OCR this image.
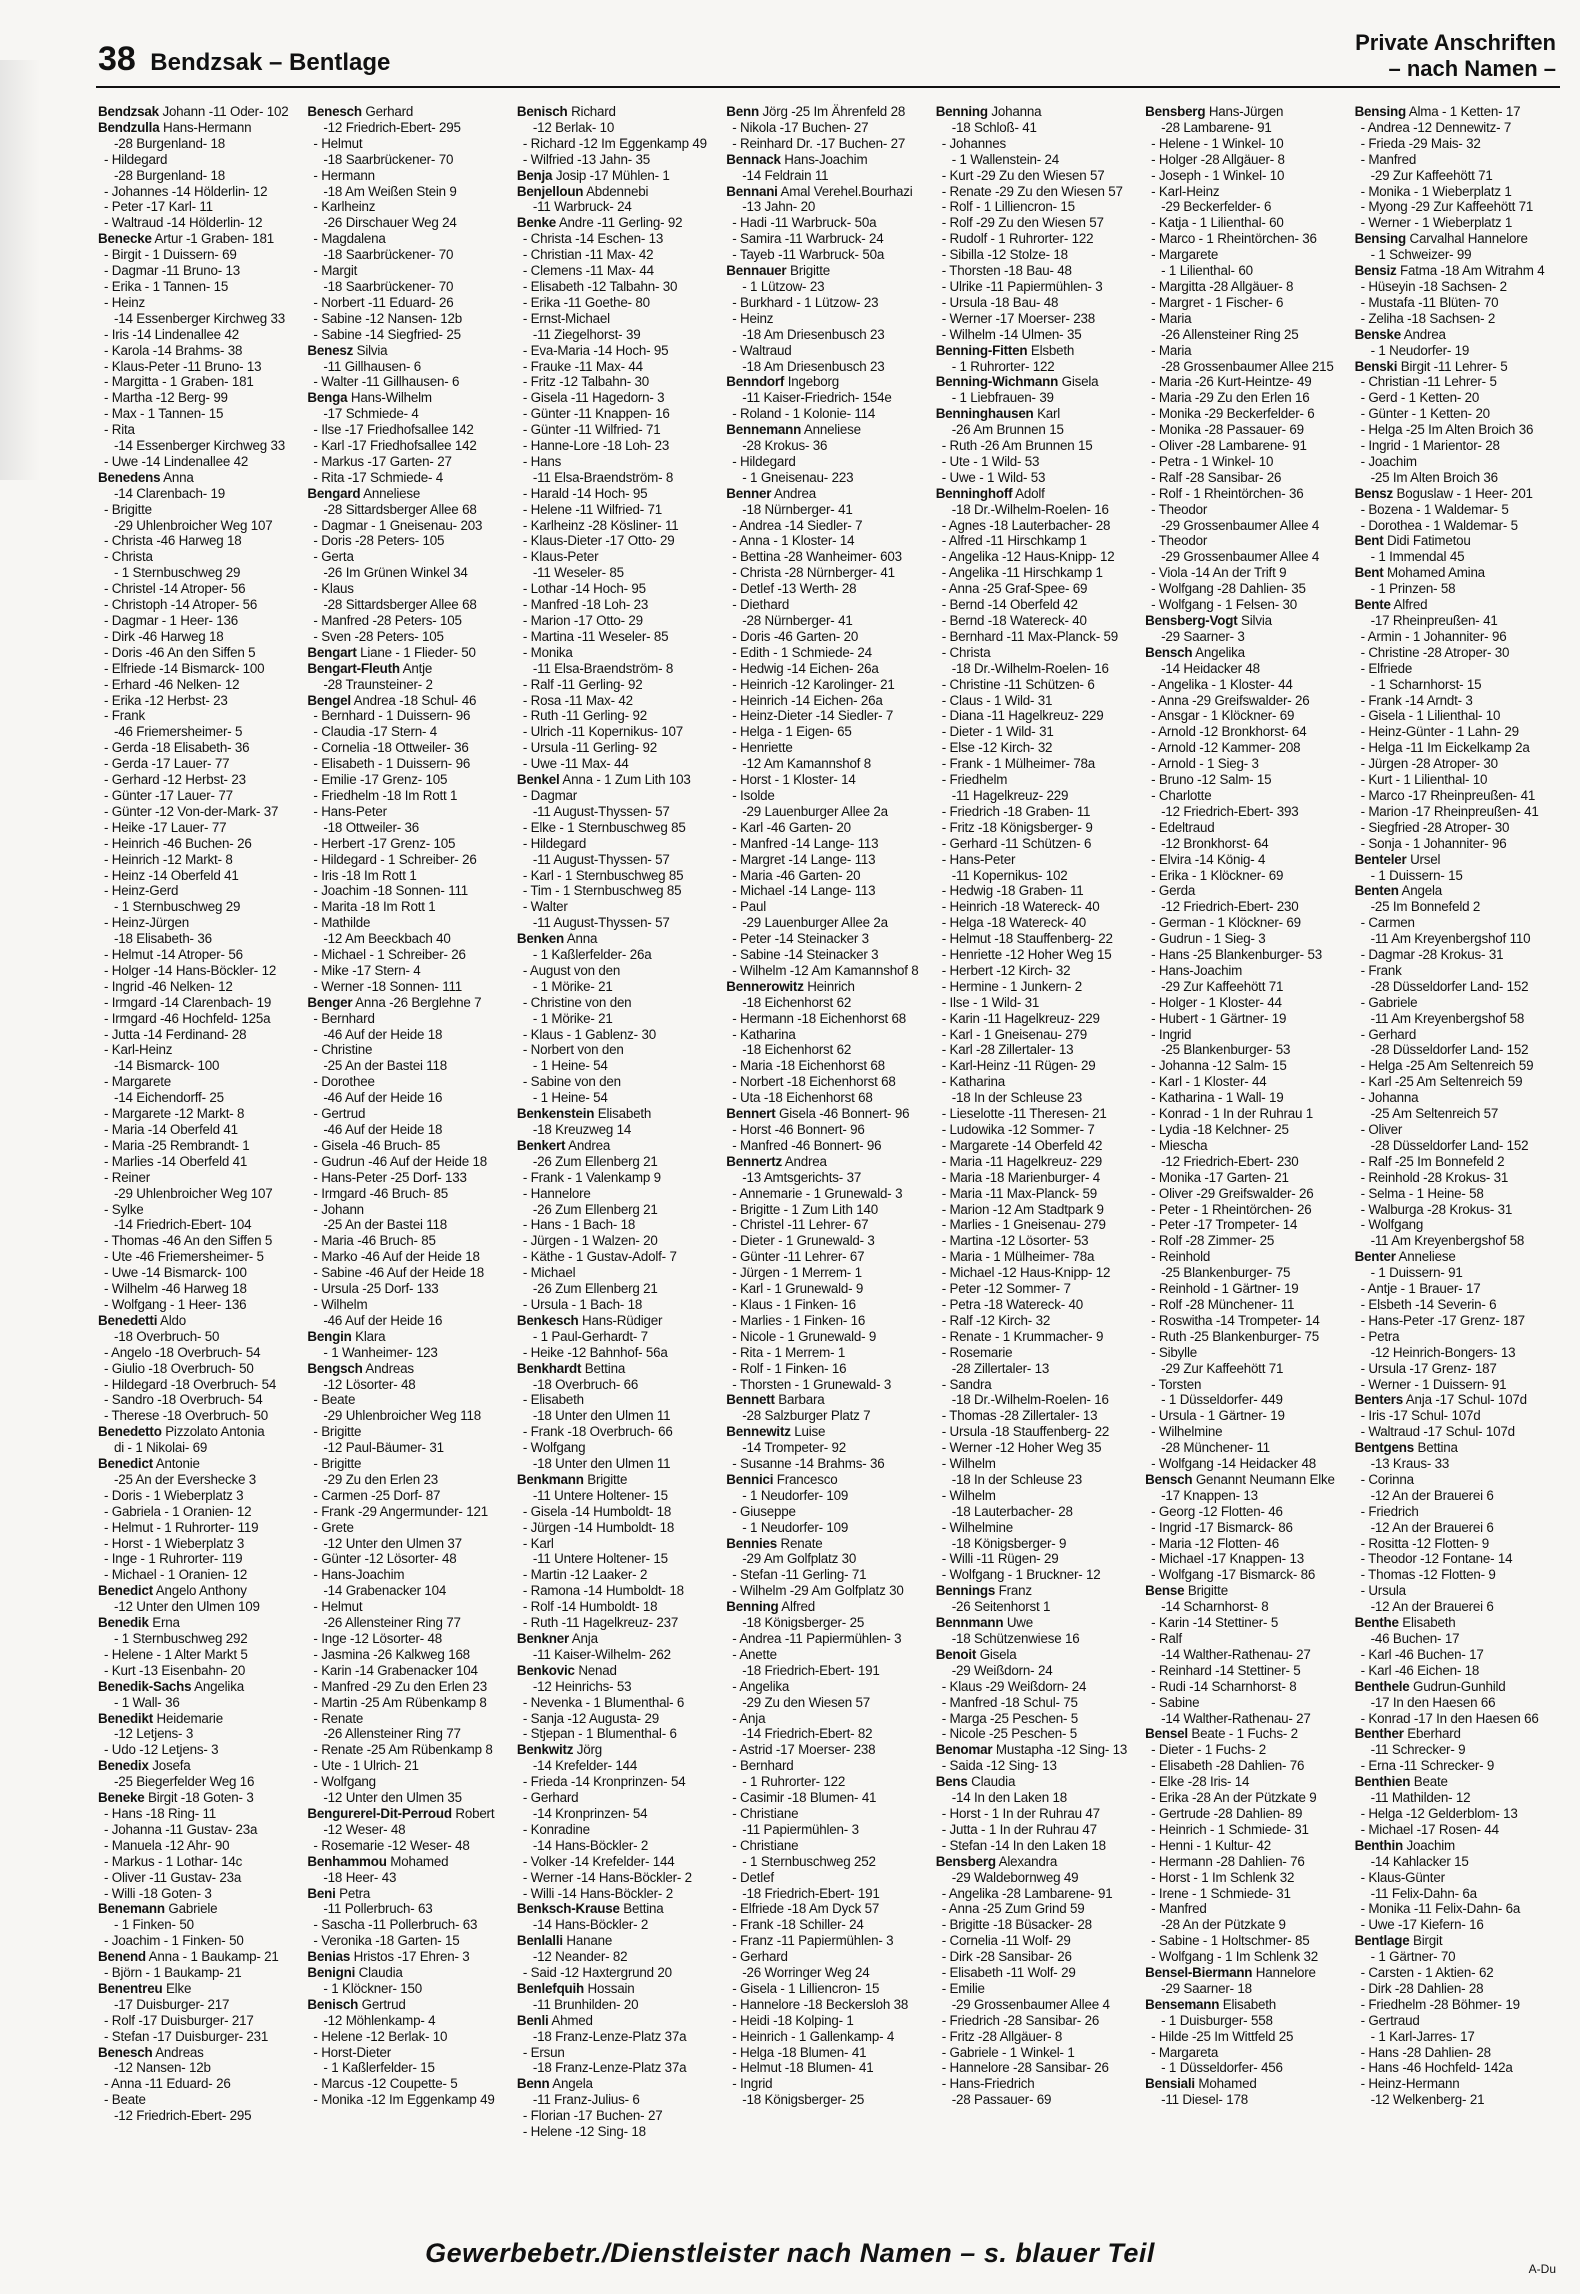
38 Bendzsak – Bentlage
Private Anschriften
– nach Namen –

Bendzsak Johann -11 Oder- 102

Bendzulla Hans-Hermann

-28 Burgenland- 18

- Hildegard

-28 Burgenland- 18

- Johannes -14 Hölderlin- 12

- Peter -17 Karl- 11

- Waltraud -14 Hölderlin- 12

Benecke Artur -1 Graben- 181

- Birgit - 1 Duissern- 69

- Dagmar -11 Bruno- 13

- Erika - 1 Tannen- 15

- Heinz

-14 Essenberger Kirchweg 33

- Iris -14 Lindenallee 42

- Karola -14 Brahms- 38

- Klaus-Peter -11 Bruno- 13

- Margitta - 1 Graben- 181

- Martha -12 Berg- 99

- Max - 1 Tannen- 15

- Rita

-14 Essenberger Kirchweg 33

- Uwe -14 Lindenallee 42

Benedens Anna

-14 Clarenbach- 19

- Brigitte

-29 Uhlenbroicher Weg 107

- Christa -46 Harweg 18

- Christa

- 1 Sternbuschweg 29

- Christel -14 Atroper- 56

- Christoph -14 Atroper- 56

- Dagmar - 1 Heer- 136

- Dirk -46 Harweg 18

- Doris -46 An den Siffen 5

- Elfriede -14 Bismarck- 100

- Erhard -46 Nelken- 12

- Erika -12 Herbst- 23

- Frank

-46 Friemersheimer- 5

- Gerda -18 Elisabeth- 36

- Gerda -17 Lauer- 77

- Gerhard -12 Herbst- 23

- Günter -17 Lauer- 77

- Günter -12 Von-der-Mark- 37

- Heike -17 Lauer- 77

- Heinrich -46 Buchen- 26

- Heinrich -12 Markt- 8

- Heinz -14 Oberfeld 41

- Heinz-Gerd

- 1 Sternbuschweg 29

- Heinz-Jürgen

-18 Elisabeth- 36

- Helmut -14 Atroper- 56

- Holger -14 Hans-Böckler- 12

- Ingrid -46 Nelken- 12

- Irmgard -14 Clarenbach- 19

- Irmgard -46 Hochfeld- 125a

- Jutta -14 Ferdinand- 28

- Karl-Heinz

-14 Bismarck- 100

- Margarete

-14 Eichendorff- 25

- Margarete -12 Markt- 8

- Maria -14 Oberfeld 41

- Maria -25 Rembrandt- 1

- Marlies -14 Oberfeld 41

- Reiner

-29 Uhlenbroicher Weg 107

- Sylke

-14 Friedrich-Ebert- 104

- Thomas -46 An den Siffen 5

- Ute -46 Friemersheimer- 5

- Uwe -14 Bismarck- 100

- Wilhelm -46 Harweg 18

- Wolfgang - 1 Heer- 136

Benedetti Aldo

-18 Overbruch- 50

- Angelo -18 Overbruch- 54

- Giulio -18 Overbruch- 50

- Hildegard -18 Overbruch- 54

- Sandro -18 Overbruch- 54

- Therese -18 Overbruch- 50

Benedetto Pizzolato Antonia

di - 1 Nikolai- 69

Benedict Antonie

-25 An der Eversheckе 3

- Doris - 1 Wieberplatz 3

- Gabriela - 1 Oranien- 12

- Helmut - 1 Ruhrorter- 119

- Horst - 1 Wieberplatz 3

- Inge - 1 Ruhrorter- 119

- Michael - 1 Oranien- 12

Benedict Angelo Anthony

-12 Unter den Ulmen 109

Benedik Erna

- 1 Sternbuschweg 292

- Helene - 1 Alter Markt 5

- Kurt -13 Eisenbahn- 20

Benedik-Sachs Angelika

- 1 Wall- 36

Benedikt Heidemarie

-12 Letjens- 3

- Udo -12 Letjens- 3

Benedix Josefa

-25 Biegerfelder Weg 16

Beneke Birgit -18 Goten- 3

- Hans -18 Ring- 11

- Johanna -11 Gustav- 23a

- Manuela -12 Ahr- 90

- Markus - 1 Lothar- 14c

- Oliver -11 Gustav- 23a

- Willi -18 Goten- 3

Benemann Gabriele

- 1 Finken- 50

- Joachim - 1 Finken- 50

Benend Anna - 1 Baukamp- 21

- Björn - 1 Baukamp- 21

Benentreu Elke

-17 Duisburger- 217

- Rolf -17 Duisburger- 217

- Stefan -17 Duisburger- 231

Benesch Andreas

-12 Nansen- 12b

- Anna -11 Eduard- 26

- Beate

-12 Friedrich-Ebert- 295

Benesch Gerhard

-12 Friedrich-Ebert- 295

- Helmut

-18 Saarbrückener- 70

- Hermann

-18 Am Weißen Stein 9

- Karlheinz

-26 Dirschauer Weg 24

- Magdalena

-18 Saarbrückener- 70

- Margit

-18 Saarbrückener- 70

- Norbert -11 Eduard- 26

- Sabine -12 Nansen- 12b

- Sabine -14 Siegfried- 25

Benesz Silvia

-11 Gillhausen- 6

- Walter -11 Gillhausen- 6

Benga Hans-Wilhelm

-17 Schmiede- 4

- Ilse -17 Friedhofsallee 142

- Karl -17 Friedhofsallee 142

- Markus -17 Garten- 27

- Rita -17 Schmiede- 4

Bengard Anneliese

-28 Sittardsberger Allee 68

- Dagmar - 1 Gneisenau- 203

- Doris -28 Peters- 105

- Gerta

-26 Im Grünen Winkel 34

- Klaus

-28 Sittardsberger Allee 68

- Manfred -28 Peters- 105

- Sven -28 Peters- 105

Bengart Liane - 1 Flieder- 50

Bengart-Fleuth Antje

-28 Traunsteiner- 2

Bengel Andrea -18 Schul- 46

- Bernhard - 1 Duissern- 96

- Claudia -17 Stern- 4

- Cornelia -18 Ottweiler- 36

- Elisabeth - 1 Duissern- 96

- Emilie -17 Grenz- 105

- Friedhelm -18 Im Rott 1

- Hans-Peter

-18 Ottweiler- 36

- Herbert -17 Grenz- 105

- Hildegard - 1 Schreiber- 26

- Iris -18 Im Rott 1

- Joachim -18 Sonnen- 111

- Marita -18 Im Rott 1

- Mathilde

-12 Am Beeckbach 40

- Michael - 1 Schreiber- 26

- Mike -17 Stern- 4

- Werner -18 Sonnen- 111

Benger Anna -26 Berglehne 7

- Bernhard

-46 Auf der Heide 18

- Christine

-25 An der Bastei 118

- Dorothee

-46 Auf der Heide 16

- Gertrud

-46 Auf der Heide 18

- Gisela -46 Bruch- 85

- Gudrun -46 Auf der Heide 18

- Hans-Peter -25 Dorf- 133

- Irmgard -46 Bruch- 85

- Johann

-25 An der Bastei 118

- Maria -46 Bruch- 85

- Marko -46 Auf der Heide 18

- Sabine -46 Auf der Heide 18

- Ursula -25 Dorf- 133

- Wilhelm

-46 Auf der Heide 16

Bengin Klara

- 1 Wanheimer- 123

Bengsch Andreas

-12 Lösorter- 48

- Beate

-29 Uhlenbroicher Weg 118

- Brigitte

-12 Paul-Bäumer- 31

- Brigitte

-29 Zu den Erlen 23

- Carmen -25 Dorf- 87

- Frank -29 Angermunder- 121

- Grete

-12 Unter den Ulmen 37

- Günter -12 Lösorter- 48

- Hans-Joachim

-14 Grabenacker 104

- Helmut

-26 Allensteiner Ring 77

- Inge -12 Lösorter- 48

- Jasmina -26 Kalkweg 168

- Karin -14 Grabenacker 104

- Manfred -29 Zu den Erlen 23

- Martin -25 Am Rübenkamp 8

- Renate

-26 Allensteiner Ring 77

- Renate -25 Am Rübenkamp 8

- Ute - 1 Ulrich- 21

- Wolfgang

-12 Unter den Ulmen 35

Bengurerel-Dit-Perroud Robert

-12 Weser- 48

- Rosemarie -12 Weser- 48

Benhammou Mohamed

-18 Heer- 43

Beni Petra

-11 Pollerbruch- 63

- Sascha -11 Pollerbruch- 63

- Veronika -18 Garten- 15

Benias Hristos -17 Ehren- 3

Benigni Claudia

- 1 Klöckner- 150

Benisch Gertrud

-12 Möhlenkamp- 4

- Helene -12 Berlak- 10

- Horst-Dieter

- 1 Kaßlerfelder- 15

- Marcus -12 Coupette- 5

- Monika -12 Im Eggenkamp 49

Benisch Richard

-12 Berlak- 10

- Richard -12 Im Eggenkamp 49

- Wilfried -13 Jahn- 35

Benja Josip -17 Mühlen- 1

Benjelloun Abdennebi

-11 Warbruck- 24

Benke Andre -11 Gerling- 92

- Christa -14 Eschen- 13

- Christian -11 Max- 42

- Clemens -11 Max- 44

- Elisabeth -12 Talbahn- 30

- Erika -11 Goethe- 80

- Ernst-Michael

-11 Ziegelhorst- 39

- Eva-Maria -14 Hoch- 95

- Frauke -11 Max- 44

- Fritz -12 Talbahn- 30

- Gisela -11 Hagedorn- 3

- Günter -11 Knappen- 16

- Günter -11 Wilfried- 71

- Hanne-Lore -18 Loh- 23

- Hans

-11 Elsa-Braendström- 8

- Harald -14 Hoch- 95

- Helene -11 Wilfried- 71

- Karlheinz -28 Kösliner- 11

- Klaus-Dieter -17 Otto- 29

- Klaus-Peter

-11 Weseler- 85

- Lothar -14 Hoch- 95

- Manfred -18 Loh- 23

- Marion -17 Otto- 29

- Martina -11 Weseler- 85

- Monika

-11 Elsa-Braendström- 8

- Ralf -11 Gerling- 92

- Rosa -11 Max- 42

- Ruth -11 Gerling- 92

- Ulrich -11 Kopernikus- 107

- Ursula -11 Gerling- 92

- Uwe -11 Max- 44

Benkel Anna - 1 Zum Lith 103

- Dagmar

-11 August-Thyssen- 57

- Elke - 1 Sternbuschweg 85

- Hildegard

-11 August-Thyssen- 57

- Karl - 1 Sternbuschweg 85

- Tim - 1 Sternbuschweg 85

- Walter

-11 August-Thyssen- 57

Benken Anna

- 1 Kaßlerfelder- 26a

- August von den

- 1 Mörike- 21

- Christine von den

- 1 Mörike- 21

- Klaus - 1 Gablenz- 30

- Norbert von den

- 1 Heine- 54

- Sabine von den

- 1 Heine- 54

Benkenstein Elisabeth

-18 Kreuzweg 14

Benkert Andrea

-26 Zum Ellenberg 21

- Frank - 1 Valenkamp 9

- Hannelore

-26 Zum Ellenberg 21

- Hans - 1 Bach- 18

- Jürgen - 1 Walzen- 20

- Käthe - 1 Gustav-Adolf- 7

- Michael

-26 Zum Ellenberg 21

- Ursula - 1 Bach- 18

Benkesch Hans-Rüdiger

- 1 Paul-Gerhardt- 7

- Heike -12 Bahnhof- 56a

Benkhardt Bettina

-18 Overbruch- 66

- Elisabeth

-18 Unter den Ulmen 11

- Frank -18 Overbruch- 66

- Wolfgang

-18 Unter den Ulmen 11

Benkmann Brigitte

-11 Untere Holtener- 15

- Gisela -14 Humboldt- 18

- Jürgen -14 Humboldt- 18

- Karl

-11 Untere Holtener- 15

- Martin -12 Laaker- 2

- Ramona -14 Humboldt- 18

- Rolf -14 Humboldt- 18

- Ruth -11 Hagelkreuz- 237

Benkner Anja

-11 Kaiser-Wilhelm- 262

Benkovic Nenad

-12 Heinrichs- 53

- Nevenka - 1 Blumenthal- 6

- Sanja -12 Augusta- 29

- Stjepan - 1 Blumenthal- 6

Benkwitz Jörg

-14 Krefelder- 144

- Frieda -14 Kronprinzen- 54

- Gerhard

-14 Kronprinzen- 54

- Konradine

-14 Hans-Böckler- 2

- Volker -14 Krefelder- 144

- Werner -14 Hans-Böckler- 2

- Willi -14 Hans-Böckler- 2

Benksch-Krause Bettina

-14 Hans-Böckler- 2

Benlalli Hanane

-12 Neander- 82

- Said -12 Haxtergrund 20

Benlefquih Hossain

-11 Brunhilden- 20

Benli Ahmed

-18 Franz-Lenze-Platz 37a

- Ersun

-18 Franz-Lenze-Platz 37a

Benn Angela

-11 Franz-Julius- 6

- Florian -17 Buchen- 27

- Helene -12 Sing- 18

Benn Jörg -25 Im Ährenfeld 28

- Nikola -17 Buchen- 27

- Reinhard Dr. -17 Buchen- 27

Bennack Hans-Joachim

-14 Feldrain 11

Bennani Amal Verehel.Bourhazi

-13 Jahn- 20

- Hadi -11 Warbruck- 50a

- Samira -11 Warbruck- 24

- Tayeb -11 Warbruck- 50a

Bennauer Brigitte

- 1 Lützow- 23

- Burkhard - 1 Lützow- 23

- Heinz

-18 Am Driesenbusch 23

- Waltraud

-18 Am Driesenbusch 23

Benndorf Ingeborg

-11 Kaiser-Friedrich- 154e

- Roland - 1 Kolonie- 114

Bennemann Anneliese

-28 Krokus- 36

- Hildegard

- 1 Gneisenau- 223

Benner Andrea

-18 Nürnberger- 41

- Andrea -14 Siedler- 7

- Anna - 1 Kloster- 14

- Bettina -28 Wanheimer- 603

- Christa -28 Nürnberger- 41

- Detlef -13 Werth- 28

- Diethard

-28 Nürnberger- 41

- Doris -46 Garten- 20

- Edith - 1 Schmiede- 24

- Hedwig -14 Eichen- 26a

- Heinrich -12 Karolinger- 21

- Heinrich -14 Eichen- 26a

- Heinz-Dieter -14 Siedler- 7

- Helga - 1 Eigen- 65

- Henriette

-12 Am Kamannshof 8

- Horst - 1 Kloster- 14

- Isolde

-29 Lauenburger Allee 2a

- Karl -46 Garten- 20

- Manfred -14 Lange- 113

- Margret -14 Lange- 113

- Maria -46 Garten- 20

- Michael -14 Lange- 113

- Paul

-29 Lauenburger Allee 2a

- Peter -14 Steinacker 3

- Sabine -14 Steinacker 3

- Wilhelm -12 Am Kamannshof 8

Bennerowitz Heinrich

-18 Eichenhorst 62

- Hermann -18 Eichenhorst 68

- Katharina

-18 Eichenhorst 62

- Maria -18 Eichenhorst 68

- Norbert -18 Eichenhorst 68

- Uta -18 Eichenhorst 68

Bennert Gisela -46 Bonnert- 96

- Horst -46 Bonnert- 96

- Manfred -46 Bonnert- 96

Bennertz Andrea

-13 Amtsgerichts- 37

- Annemarie - 1 Grunewald- 3

- Brigitte - 1 Zum Lith 140

- Christel -11 Lehrer- 67

- Dieter - 1 Grunewald- 3

- Günter -11 Lehrer- 67

- Jürgen - 1 Merrem- 1

- Karl - 1 Grunewald- 9

- Klaus - 1 Finken- 16

- Marlies - 1 Finken- 16

- Nicole - 1 Grunewald- 9

- Rita - 1 Merrem- 1

- Rolf - 1 Finken- 16

- Thorsten - 1 Grunewald- 3

Bennett Barbara

-28 Salzburger Platz 7

Bennewitz Luise

-14 Trompeter- 92

- Susanne -14 Brahms- 36

Bennici Francesco

- 1 Neudorfer- 109

- Giuseppe

- 1 Neudorfer- 109

Bennies Renate

-29 Am Golfplatz 30

- Stefan -11 Gerling- 71

- Wilhelm -29 Am Golfplatz 30

Benning Alfred

-18 Königsberger- 25

- Andrea -11 Papiermühlen- 3

- Anette

-18 Friedrich-Ebert- 191

- Angelika

-29 Zu den Wiesen 57

- Anja

-14 Friedrich-Ebert- 82

- Astrid -17 Moerser- 238

- Bernhard

- 1 Ruhrorter- 122

- Casimir -18 Blumen- 41

- Christiane

-11 Papiermühlen- 3

- Christiane

- 1 Sternbuschweg 252

- Detlef

-18 Friedrich-Ebert- 191

- Elfriede -18 Am Dyck 57

- Frank -18 Schiller- 24

- Franz -11 Papiermühlen- 3

- Gerhard

-26 Worringer Weg 24

- Gisela - 1 Lilliencron- 15

- Hannelore -18 Beckersloh 38

- Heidi -18 Kolping- 1

- Heinrich - 1 Gallenkamp- 4

- Helga -18 Blumen- 41

- Helmut -18 Blumen- 41

- Ingrid

-18 Königsberger- 25

Benning Johanna

-18 Schloß- 41

- Johannes

- 1 Wallenstein- 24

- Kurt -29 Zu den Wiesen 57

- Renate -29 Zu den Wiesen 57

- Rolf - 1 Lilliencron- 15

- Rolf -29 Zu den Wiesen 57

- Rudolf - 1 Ruhrorter- 122

- Sibilla -12 Stolze- 18

- Thorsten -18 Bau- 48

- Ulrike -11 Papiermühlen- 3

- Ursula -18 Bau- 48

- Werner -17 Moerser- 238

- Wilhelm -14 Ulmen- 35

Benning-Fitten Elsbeth

- 1 Ruhrorter- 122

Benning-Wichmann Gisela

- 1 Liebfrauen- 39

Benninghausen Karl

-26 Am Brunnen 15

- Ruth -26 Am Brunnen 15

- Ute - 1 Wild- 53

- Uwe - 1 Wild- 53

Benninghoff Adolf

-18 Dr.-Wilhelm-Roelen- 16

- Agnes -18 Lauterbacher- 28

- Alfred -11 Hirschkamp 1

- Angelika -12 Haus-Knipp- 12

- Angelika -11 Hirschkamp 1

- Anna -25 Graf-Spee- 69

- Bernd -14 Oberfeld 42

- Bernd -18 Watereck- 40

- Bernhard -11 Max-Planck- 59

- Christa

-18 Dr.-Wilhelm-Roelen- 16

- Christine -11 Schützen- 6

- Claus - 1 Wild- 31

- Diana -11 Hagelkreuz- 229

- Dieter - 1 Wild- 31

- Else -12 Kirch- 32

- Frank - 1 Mülheimer- 78a

- Friedhelm

-11 Hagelkreuz- 229

- Friedrich -18 Graben- 11

- Fritz -18 Königsberger- 9

- Gerhard -11 Schützen- 6

- Hans-Peter

-11 Kopernikus- 102

- Hedwig -18 Graben- 11

- Heinrich -18 Watereck- 40

- Helga -18 Watereck- 40

- Helmut -18 Stauffenberg- 22

- Henriette -12 Hoher Weg 15

- Herbert -12 Kirch- 32

- Hermine - 1 Junkern- 2

- Ilse - 1 Wild- 31

- Karin -11 Hagelkreuz- 229

- Karl - 1 Gneisenau- 279

- Karl -28 Zillertaler- 13

- Karl-Heinz -11 Rügen- 29

- Katharina

-18 In der Schleuse 23

- Lieselotte -11 Theresen- 21

- Ludowika -12 Sommer- 7

- Margarete -14 Oberfeld 42

- Maria -11 Hagelkreuz- 229

- Maria -18 Marienburger- 4

- Maria -11 Max-Planck- 59

- Marion -12 Am Stadtpark 9

- Marlies - 1 Gneisenau- 279

- Martina -12 Lösorter- 53

- Maria - 1 Mülheimer- 78a

- Michael -12 Haus-Knipp- 12

- Peter -12 Sommer- 7

- Petra -18 Watereck- 40

- Ralf -12 Kirch- 32

- Renate - 1 Krummacher- 9

- Rosemarie

-28 Zillertaler- 13

- Sandra

-18 Dr.-Wilhelm-Roelen- 16

- Thomas -28 Zillertaler- 13

- Ursula -18 Stauffenberg- 22

- Werner -12 Hoher Weg 35

- Wilhelm

-18 In der Schleuse 23

- Wilhelm

-18 Lauterbacher- 28

- Wilhelmine

-18 Königsberger- 9

- Willi -11 Rügen- 29

- Wolfgang - 1 Bruckner- 12

Bennings Franz

-26 Seitenhorst 1

Bennmann Uwe

-18 Schützenwiese 16

Benoit Gisela

-29 Weißdorn- 24

- Klaus -29 Weißdorn- 24

- Manfred -18 Schul- 75

- Marga -25 Peschen- 5

- Nicole -25 Peschen- 5

Benomar Mustapha -12 Sing- 13

- Saida -12 Sing- 13

Bens Claudia

-14 In den Laken 18

- Horst - 1 In der Ruhrau 47

- Jutta - 1 In der Ruhrau 47

- Stefan -14 In den Laken 18

Bensberg Alexandra

-29 Waldebornweg 49

- Angelika -28 Lambarene- 91

- Anna -25 Zum Grind 59

- Brigitte -18 Büsacker- 28

- Cornelia -11 Wolf- 29

- Dirk -28 Sansibar- 26

- Elisabeth -11 Wolf- 29

- Emilie

-29 Grossenbaumer Allee 4

- Friedrich -28 Sansibar- 26

- Fritz -28 Allgäuer- 8

- Gabriele - 1 Winkel- 1

- Hannelore -28 Sansibar- 26

- Hans-Friedrich

-28 Passauer- 69

Bensberg Hans-Jürgen

-28 Lambarene- 91

- Helene - 1 Winkel- 10

- Holger -28 Allgäuer- 8

- Joseph - 1 Winkel- 10

- Karl-Heinz

-29 Beckerfelder- 6

- Katja - 1 Lilienthal- 60

- Marco - 1 Rheintörchen- 36

- Margarete

- 1 Lilienthal- 60

- Margitta -28 Allgäuer- 8

- Margret - 1 Fischer- 6

- Maria

-26 Allensteiner Ring 25

- Maria

-28 Grossenbaumer Allee 215

- Maria -26 Kurt-Heintze- 49

- Maria -29 Zu den Erlen 16

- Monika -29 Beckerfelder- 6

- Monika -28 Passauer- 69

- Oliver -28 Lambarene- 91

- Petra - 1 Winkel- 10

- Ralf -28 Sansibar- 26

- Rolf - 1 Rheintörchen- 36

- Theodor

-29 Grossenbaumer Allee 4

- Theodor

-29 Grossenbaumer Allee 4

- Viola -14 An der Trift 9

- Wolfgang -28 Dahlien- 35

- Wolfgang - 1 Felsen- 30

Bensberg-Vogt Silvia

-29 Saarner- 3

Bensch Angelika

-14 Heidacker 48

- Angelika - 1 Kloster- 44

- Anna -29 Greifswalder- 26

- Ansgar - 1 Klöckner- 69

- Arnold -12 Bronkhorst- 64

- Arnold -12 Kammer- 208

- Arnold - 1 Sieg- 3

- Bruno -12 Salm- 15

- Charlotte

-12 Friedrich-Ebert- 393

- Edeltraud

-12 Bronkhorst- 64

- Elvira -14 König- 4

- Erika - 1 Klöckner- 69

- Gerda

-12 Friedrich-Ebert- 230

- German - 1 Klöckner- 69

- Gudrun - 1 Sieg- 3

- Hans -25 Blankenburger- 53

- Hans-Joachim

-29 Zur Kaffeehött 71

- Holger - 1 Kloster- 44

- Hubert - 1 Gärtner- 19

- Ingrid

-25 Blankenburger- 53

- Johanna -12 Salm- 15

- Karl - 1 Kloster- 44

- Katharina - 1 Wall- 19

- Konrad - 1 In der Ruhrau 1

- Lydia -18 Kelchner- 25

- Miescha

-12 Friedrich-Ebert- 230

- Monika -17 Garten- 21

- Oliver -29 Greifswalder- 26

- Peter - 1 Rheintörchen- 26

- Peter -17 Trompeter- 14

- Rolf -28 Zimmer- 25

- Reinhold

-25 Blankenburger- 75

- Reinhold - 1 Gärtner- 19

- Rolf -28 Münchener- 11

- Roswitha -14 Trompeter- 14

- Ruth -25 Blankenburger- 75

- Sibylle

-29 Zur Kaffeehött 71

- Torsten

- 1 Düsseldorfer- 449

- Ursula - 1 Gärtner- 19

- Wilhelmine

-28 Münchener- 11

- Wolfgang -14 Heidacker 48

Bensch Genannt Neumann Elke

-17 Knappen- 13

- Georg -12 Flotten- 46

- Ingrid -17 Bismarck- 86

- Maria -12 Flotten- 46

- Michael -17 Knappen- 13

- Wolfgang -17 Bismarck- 86

Bense Brigitte

-14 Scharnhorst- 8

- Karin -14 Stettiner- 5

- Ralf

-14 Walther-Rathenau- 27

- Reinhard -14 Stettiner- 5

- Rudi -14 Scharnhorst- 8

- Sabine

-14 Walther-Rathenau- 27

Bensel Beate - 1 Fuchs- 2

- Dieter - 1 Fuchs- 2

- Elisabeth -28 Dahlien- 76

- Elke -28 Iris- 14

- Erika -28 An der Pützkate 9

- Gertrude -28 Dahlien- 89

- Heinrich - 1 Schmiede- 31

- Henni - 1 Kultur- 42

- Hermann -28 Dahlien- 76

- Horst - 1 Im Schlenk 32

- Irene - 1 Schmiede- 31

- Manfred

-28 An der Pützkate 9

- Sabine - 1 Holtschmer- 85

- Wolfgang - 1 Im Schlenk 32

Bensel-Biermann Hannelore

-29 Saarner- 18

Bensemann Elisabeth

- 1 Duisburger- 558

- Hilde -25 Im Wittfeld 25

- Margareta

- 1 Düsseldorfer- 456

Bensiali Mohamed

-11 Diesel- 178

Bensing Alma - 1 Ketten- 17

- Andrea -12 Dennewitz- 7

- Frieda -29 Mais- 32

- Manfred

-29 Zur Kaffeehött 71

- Monika - 1 Wieberplatz 1

- Myong -29 Zur Kaffeehött 71

- Werner - 1 Wieberplatz 1

Bensing Carvalhal Hannelore

- 1 Schweizer- 99

Bensiz Fatma -18 Am Witrahm 4

- Hüseyin -18 Sachsen- 2

- Mustafa -11 Blüten- 70

- Zeliha -18 Sachsen- 2

Benske Andrea

- 1 Neudorfer- 19

Benski Birgit -11 Lehrer- 5

- Christian -11 Lehrer- 5

- Gerd - 1 Ketten- 20

- Günter - 1 Ketten- 20

- Helga -25 Im Alten Broich 36

- Ingrid - 1 Marientor- 28

- Joachim

-25 Im Alten Broich 36

Bensz Boguslaw - 1 Heer- 201

- Bozena - 1 Waldemar- 5

- Dorothea - 1 Waldemar- 5

Bent Didi Fatimetou

- 1 Immendal 45

Bent Mohamed Amina

- 1 Prinzen- 58

Bente Alfred

-17 Rheinpreußen- 41

- Armin - 1 Johanniter- 96

- Christine -28 Atroper- 30

- Elfriede

- 1 Scharnhorst- 15

- Frank -14 Arndt- 3

- Gisela - 1 Lilienthal- 10

- Heinz-Günter - 1 Lahn- 29

- Helga -11 Im Eickelkamp 2a

- Jürgen -28 Atroper- 30

- Kurt - 1 Lilienthal- 10

- Marco -17 Rheinpreußen- 41

- Marion -17 Rheinpreußen- 41

- Siegfried -28 Atroper- 30

- Sonja - 1 Johanniter- 96

Benteler Ursel

- 1 Duissern- 15

Benten Angela

-25 Im Bonnefeld 2

- Carmen

-11 Am Kreyenbergshof 110

- Dagmar -28 Krokus- 31

- Frank

-28 Düsseldorfer Land- 152

- Gabriele

-11 Am Kreyenbergshof 58

- Gerhard

-28 Düsseldorfer Land- 152

- Helga -25 Am Seltenreich 59

- Karl -25 Am Seltenreich 59

- Johanna

-25 Am Seltenreich 57

- Oliver

-28 Düsseldorfer Land- 152

- Ralf -25 Im Bonnefeld 2

- Reinhold -28 Krokus- 31

- Selma - 1 Heine- 58

- Walburga -28 Krokus- 31

- Wolfgang

-11 Am Kreyenbergshof 58

Benter Anneliese

- 1 Duissern- 91

- Antje - 1 Brauer- 17

- Elsbeth -14 Severin- 6

- Hans-Peter -17 Grenz- 187

- Petra

-12 Heinrich-Bongers- 13

- Ursula -17 Grenz- 187

- Werner - 1 Duissern- 91

Benters Anja -17 Schul- 107d

- Iris -17 Schul- 107d

- Waltraud -17 Schul- 107d

Bentgens Bettina

-13 Kraus- 33

- Corinna

-12 An der Brauerei 6

- Friedrich

-12 An der Brauerei 6

- Rositta -12 Flotten- 9

- Theodor -12 Fontane- 14

- Thomas -12 Flotten- 9

- Ursula

-12 An der Brauerei 6

Benthe Elisabeth

-46 Buchen- 17

- Karl -46 Buchen- 17

- Karl -46 Eichen- 18

Benthele Gudrun-Gunhild

-17 In den Haesen 66

- Konrad -17 In den Haesen 66

Benther Eberhard

-11 Schrecker- 9

- Erna -11 Schrecker- 9

Benthien Beate

-11 Mathilden- 12

- Helga -12 Gelderblom- 13

- Michael -17 Rosen- 44

Benthin Joachim

-14 Kahlacker 15

- Klaus-Günter

-11 Felix-Dahn- 6a

- Monika -11 Felix-Dahn- 6a

- Uwe -17 Kiefern- 16

Bentlage Birgit

- 1 Gärtner- 70

- Carsten - 1 Aktien- 62

- Dirk -28 Dahlien- 28

- Friedhelm -28 Böhmer- 19

- Gertraud

- 1 Karl-Jarres- 17

- Hans -28 Dahlien- 28

- Hans -46 Hochfeld- 142a

- Heinz-Hermann

-12 Welkenberg- 21

Gewerbebetr./Dienstleister nach Namen – s. blauer Teil
A-Du
